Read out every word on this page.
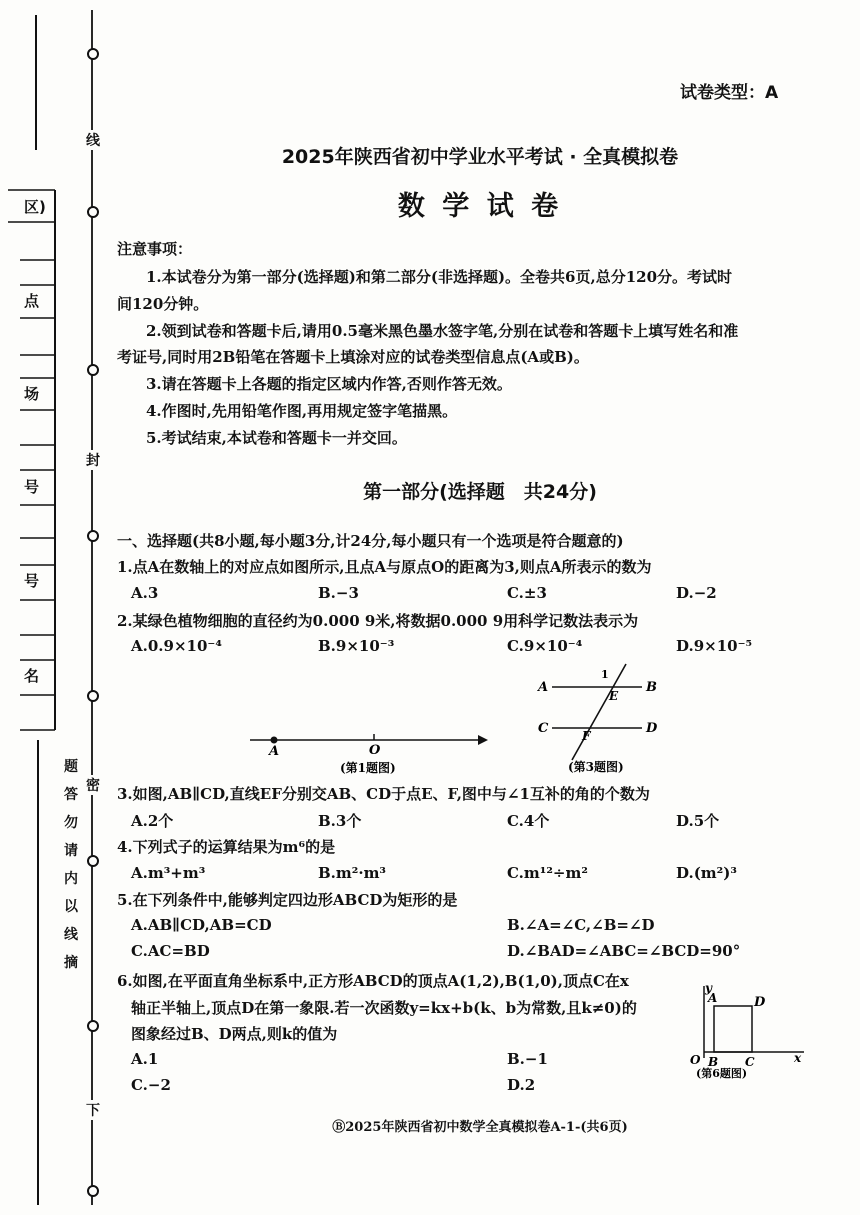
区)
点
场
号
号
名
线
封
密
下
摘
线
以
内
请
勿
答
题
试卷类型：A
2025年陕西省初中学业水平考试 · 全真模拟卷
数 学 试 卷
注意事项：
1.本试卷分为第一部分(选择题)和第二部分(非选择题)。全卷共6页,总分120分。考试时
间120分钟。
2.领到试卷和答题卡后,请用0.5毫米黑色墨水签字笔,分别在试卷和答题卡上填写姓名和准
考证号,同时用2B铅笔在答题卡上填涂对应的试卷类型信息点(A或B)。
3.请在答题卡上各题的指定区域内作答,否则作答无效。
4.作图时,先用铅笔作图,再用规定签字笔描黑。
5.考试结束,本试卷和答题卡一并交回。
第一部分(选择题　共24分)
一、选择题(共8小题,每小题3分,计24分,每小题只有一个选项是符合题意的)
1.点A在数轴上的对应点如图所示,且点A与原点O的距离为3,则点A所表示的数为
A.3	B.−3	C.±3	D.−2
2.某绿色植物细胞的直径约为0.000 9米,将数据0.000 9用科学记数法表示为
A.0.9×10⁻⁴	B.9×10⁻³	C.9×10⁻⁴	D.9×10⁻⁵
A	O
(第1题图)
A	B
C	D
E
F
1
(第3题图)
3.如图,AB∥CD,直线EF分别交AB、CD于点E、F,图中与∠1互补的角的个数为
A.2个	B.3个	C.4个	D.5个
4.下列式子的运算结果为m⁶的是
A.m³+m³	B.m²·m³	C.m¹²÷m²	D.(m²)³
5.在下列条件中,能够判定四边形ABCD为矩形的是
A.AB∥CD,AB=CD	B.∠A=∠C,∠B=∠D
C.AC=BD	D.∠BAD=∠ABC=∠BCD=90°
6.如图,在平面直角坐标系中,正方形ABCD的顶点A(1,2),B(1,0),顶点C在x
轴正半轴上,顶点D在第一象限.若一次函数y=kx+b(k、b为常数,且k≠0)的
图象经过B、D两点,则k的值为
A.1	B.−1
C.−2	D.2
y
x
O
A
B C
D
(第6题图)
Ⓑ2025年陕西省初中数学全真模拟卷A-1-(共6页)
